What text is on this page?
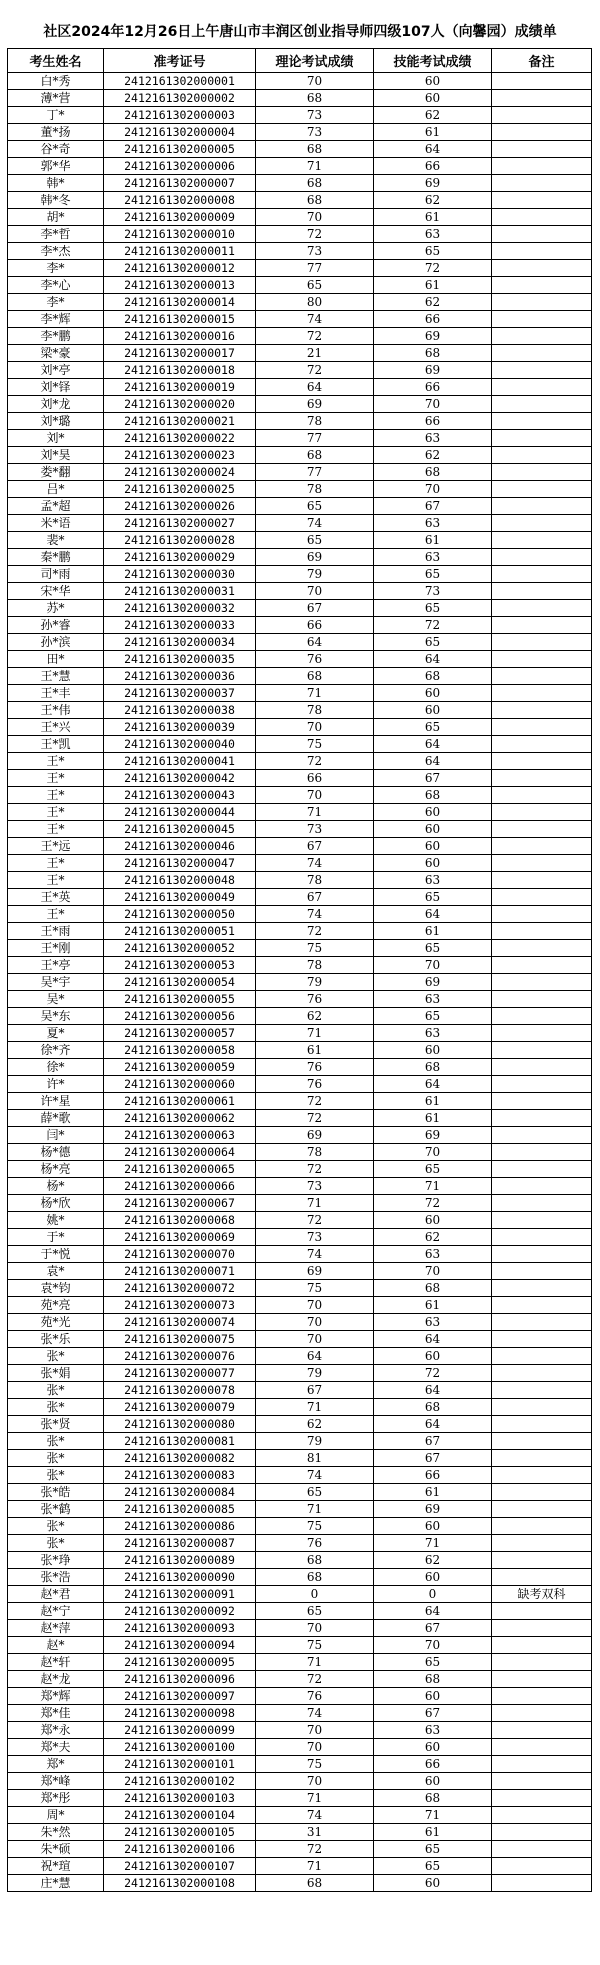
社区2024年12月26日上午唐山市丰润区创业指导师四级107人（向馨园）成绩单
考生姓名	准考证号	理论考试成绩	技能考试成绩	备注
白*秀	2412161302000001	70	60	
薄*营	2412161302000002	68	60	
丁*	2412161302000003	73	62	
董*扬	2412161302000004	73	61	
谷*奇	2412161302000005	68	64	
郭*华	2412161302000006	71	66	
韩*	2412161302000007	68	69	
韩*冬	2412161302000008	68	62	
胡*	2412161302000009	70	61	
李*哲	2412161302000010	72	63	
李*杰	2412161302000011	73	65	
李*	2412161302000012	77	72	
李*心	2412161302000013	65	61	
李*	2412161302000014	80	62	
李*辉	2412161302000015	74	66	
李*鹏	2412161302000016	72	69	
梁*豪	2412161302000017	21	68	
刘*亭	2412161302000018	72	69	
刘*铎	2412161302000019	64	66	
刘*龙	2412161302000020	69	70	
刘*璐	2412161302000021	78	66	
刘*	2412161302000022	77	63	
刘*昊	2412161302000023	68	62	
娄*翻	2412161302000024	77	68	
吕*	2412161302000025	78	70	
孟*超	2412161302000026	65	67	
米*语	2412161302000027	74	63	
裴*	2412161302000028	65	61	
秦*鹏	2412161302000029	69	63	
司*雨	2412161302000030	79	65	
宋*华	2412161302000031	70	73	
苏*	2412161302000032	67	65	
孙*睿	2412161302000033	66	72	
孙*滨	2412161302000034	64	65	
田*	2412161302000035	76	64	
王*慧	2412161302000036	68	68	
王*丰	2412161302000037	71	60	
王*伟	2412161302000038	78	60	
王*兴	2412161302000039	70	65	
王*凯	2412161302000040	75	64	
王*	2412161302000041	72	64	
王*	2412161302000042	66	67	
王*	2412161302000043	70	68	
王*	2412161302000044	71	60	
王*	2412161302000045	73	60	
王*远	2412161302000046	67	60	
王*	2412161302000047	74	60	
王*	2412161302000048	78	63	
王*英	2412161302000049	67	65	
王*	2412161302000050	74	64	
王*雨	2412161302000051	72	61	
王*刚	2412161302000052	75	65	
王*亭	2412161302000053	78	70	
吴*宇	2412161302000054	79	69	
吴*	2412161302000055	76	63	
吴*东	2412161302000056	62	65	
夏*	2412161302000057	71	63	
徐*齐	2412161302000058	61	60	
徐*	2412161302000059	76	68	
许*	2412161302000060	76	64	
许*星	2412161302000061	72	61	
薛*歌	2412161302000062	72	61	
闫*	2412161302000063	69	69	
杨*德	2412161302000064	78	70	
杨*亮	2412161302000065	72	65	
杨*	2412161302000066	73	71	
杨*欣	2412161302000067	71	72	
姚*	2412161302000068	72	60	
于*	2412161302000069	73	62	
于*悦	2412161302000070	74	63	
袁*	2412161302000071	69	70	
袁*钧	2412161302000072	75	68	
苑*亮	2412161302000073	70	61	
苑*光	2412161302000074	70	63	
张*乐	2412161302000075	70	64	
张*	2412161302000076	64	60	
张*娟	2412161302000077	79	72	
张*	2412161302000078	67	64	
张*	2412161302000079	71	68	
张*贤	2412161302000080	62	64	
张*	2412161302000081	79	67	
张*	2412161302000082	81	67	
张*	2412161302000083	74	66	
张*皓	2412161302000084	65	61	
张*鹤	2412161302000085	71	69	
张*	2412161302000086	75	60	
张*	2412161302000087	76	71	
张*琤	2412161302000089	68	62	
张*浩	2412161302000090	68	60	
赵*君	2412161302000091	0	0	缺考双科
赵*宁	2412161302000092	65	64	
赵*萍	2412161302000093	70	67	
赵*	2412161302000094	75	70	
赵*轩	2412161302000095	71	65	
赵*龙	2412161302000096	72	68	
郑*辉	2412161302000097	76	60	
郑*佳	2412161302000098	74	67	
郑*永	2412161302000099	70	63	
郑*夫	2412161302000100	70	60	
郑*	2412161302000101	75	66	
郑*峰	2412161302000102	70	60	
郑*彤	2412161302000103	71	68	
周*	2412161302000104	74	71	
朱*然	2412161302000105	31	61	
朱*硕	2412161302000106	72	65	
祝*瑄	2412161302000107	71	65	
庄*慧	2412161302000108	68	60	
